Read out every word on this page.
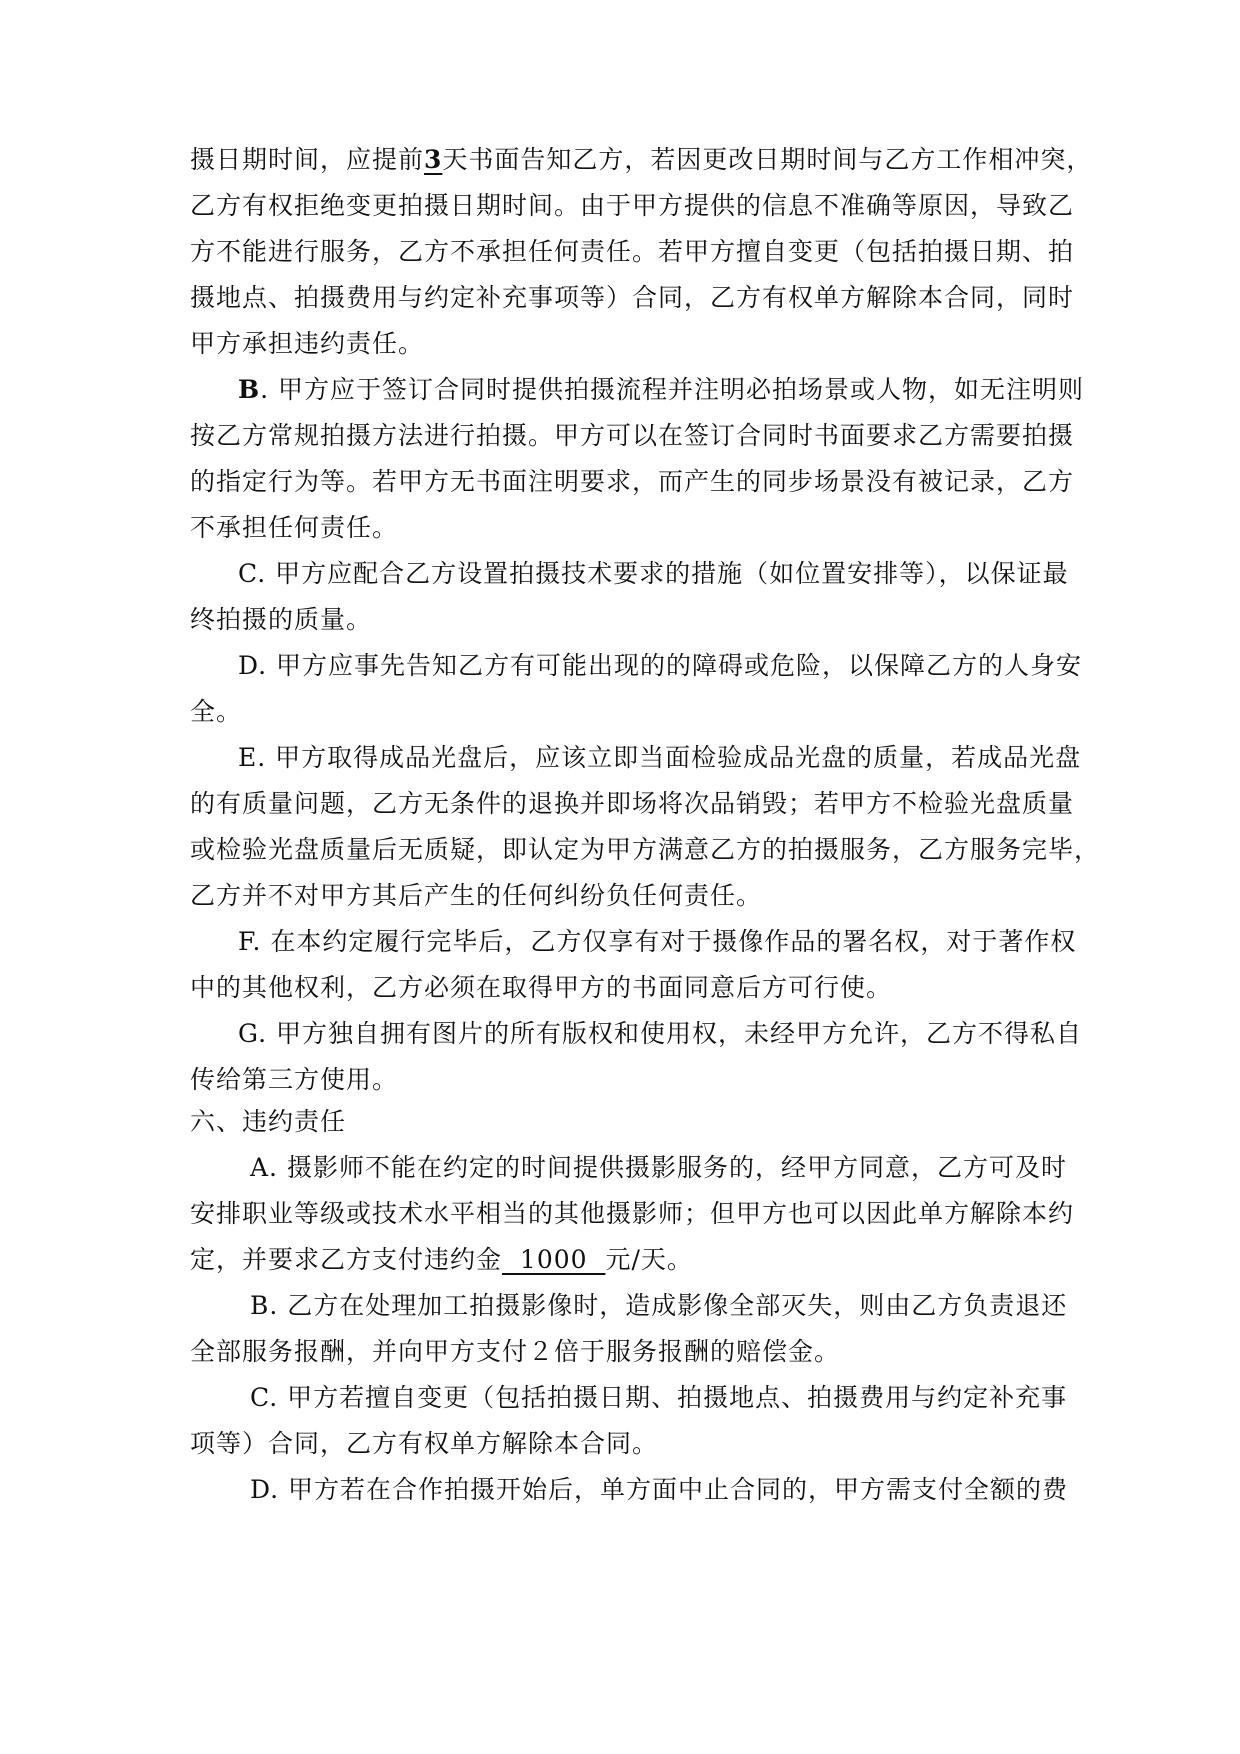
摄日期时间，应提前3天书面告知乙方，若因更改日期时间与乙方工作相冲突，
乙方有权拒绝变更拍摄日期时间。由于甲方提供的信息不准确等原因，导致乙
方不能进行服务，乙方不承担任何责任。若甲方擅自变更（包括拍摄日期、拍
摄地点、拍摄费用与约定补充事项等）合同，乙方有权单方解除本合同，同时
甲方承担违约责任。
B. 甲方应于签订合同时提供拍摄流程并注明必拍场景或人物，如无注明则
按乙方常规拍摄方法进行拍摄。甲方可以在签订合同时书面要求乙方需要拍摄
的指定行为等。若甲方无书面注明要求，而产生的同步场景没有被记录，乙方
不承担任何责任。
C. 甲方应配合乙方设置拍摄技术要求的措施（如位置安排等），以保证最
终拍摄的质量。
D. 甲方应事先告知乙方有可能出现的的障碍或危险，以保障乙方的人身安
全。
E. 甲方取得成品光盘后，应该立即当面检验成品光盘的质量，若成品光盘
的有质量问题，乙方无条件的退换并即场将次品销毁；若甲方不检验光盘质量
或检验光盘质量后无质疑，即认定为甲方满意乙方的拍摄服务，乙方服务完毕，
乙方并不对甲方其后产生的任何纠纷负任何责任。
F. 在本约定履行完毕后，乙方仅享有对于摄像作品的署名权，对于著作权
中的其他权利，乙方必须在取得甲方的书面同意后方可行使。
G. 甲方独自拥有图片的所有版权和使用权，未经甲方允许，乙方不得私自
传给第三方使用。
六、违约责任
A. 摄影师不能在约定的时间提供摄影服务的，经甲方同意，乙方可及时
安排职业等级或技术水平相当的其他摄影师；但甲方也可以因此单方解除本约
定，并要求乙方支付违约金  1000  元/天。
B. 乙方在处理加工拍摄影像时，造成影像全部灭失，则由乙方负责退还
全部服务报酬，并向甲方支付２倍于服务报酬的赔偿金。
C. 甲方若擅自变更（包括拍摄日期、拍摄地点、拍摄费用与约定补充事
项等）合同，乙方有权单方解除本合同。
D. 甲方若在合作拍摄开始后，单方面中止合同的，甲方需支付全额的费
